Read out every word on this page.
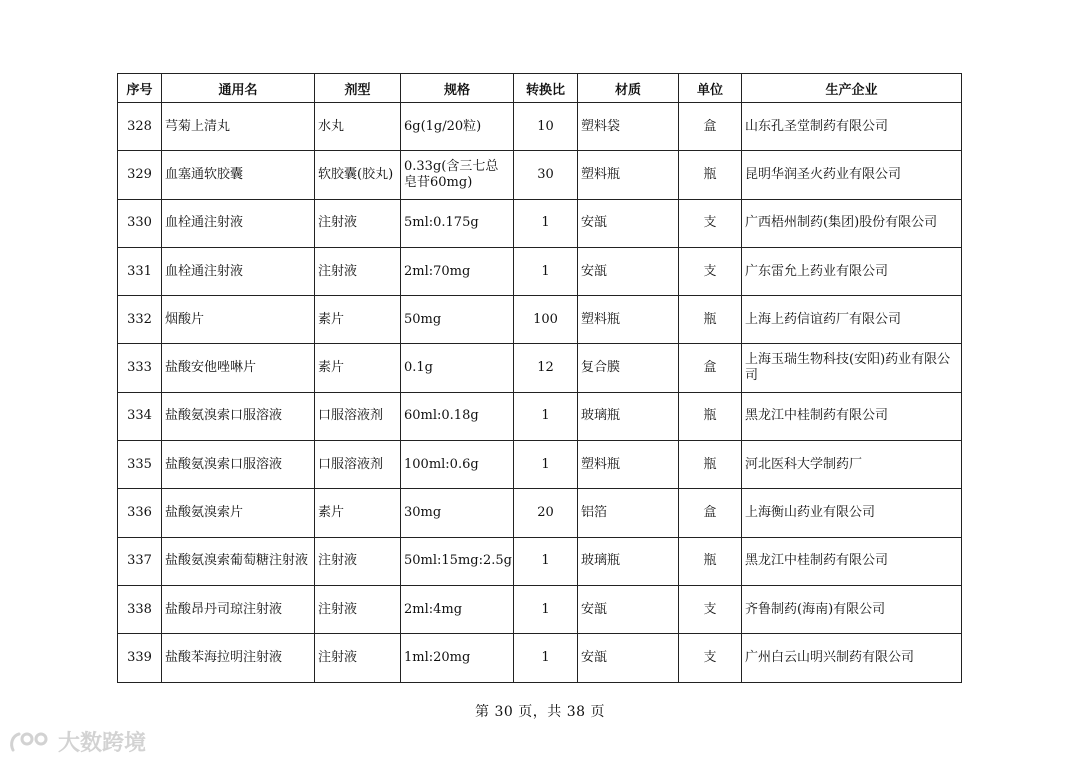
序号	通用名	剂型	规格	转换比	材质	单位	生产企业
328	芎菊上清丸	水丸	6g(1g/20粒)	10	塑料袋	盒	山东孔圣堂制药有限公司
329	血塞通软胶囊	软胶囊(胶丸)	0.33g(含三七总皂苷60mg)	30	塑料瓶	瓶	昆明华润圣火药业有限公司
330	血栓通注射液	注射液	5ml:0.175g	1	安瓿	支	广西梧州制药(集团)股份有限公司
331	血栓通注射液	注射液	2ml:70mg	1	安瓿	支	广东雷允上药业有限公司
332	烟酸片	素片	50mg	100	塑料瓶	瓶	上海上药信谊药厂有限公司
333	盐酸安他唑啉片	素片	0.1g	12	复合膜	盒	上海玉瑞生物科技(安阳)药业有限公司
334	盐酸氨溴索口服溶液	口服溶液剂	60ml:0.18g	1	玻璃瓶	瓶	黑龙江中桂制药有限公司
335	盐酸氨溴索口服溶液	口服溶液剂	100ml:0.6g	1	塑料瓶	瓶	河北医科大学制药厂
336	盐酸氨溴索片	素片	30mg	20	铝箔	盒	上海衡山药业有限公司
337	盐酸氨溴索葡萄糖注射液	注射液	50ml:15mg:2.5g	1	玻璃瓶	瓶	黑龙江中桂制药有限公司
338	盐酸昂丹司琼注射液	注射液	2ml:4mg	1	安瓿	支	齐鲁制药(海南)有限公司
339	盐酸苯海拉明注射液	注射液	1ml:20mg	1	安瓿	支	广州白云山明兴制药有限公司
第 30 页，共 38 页
大数跨境
